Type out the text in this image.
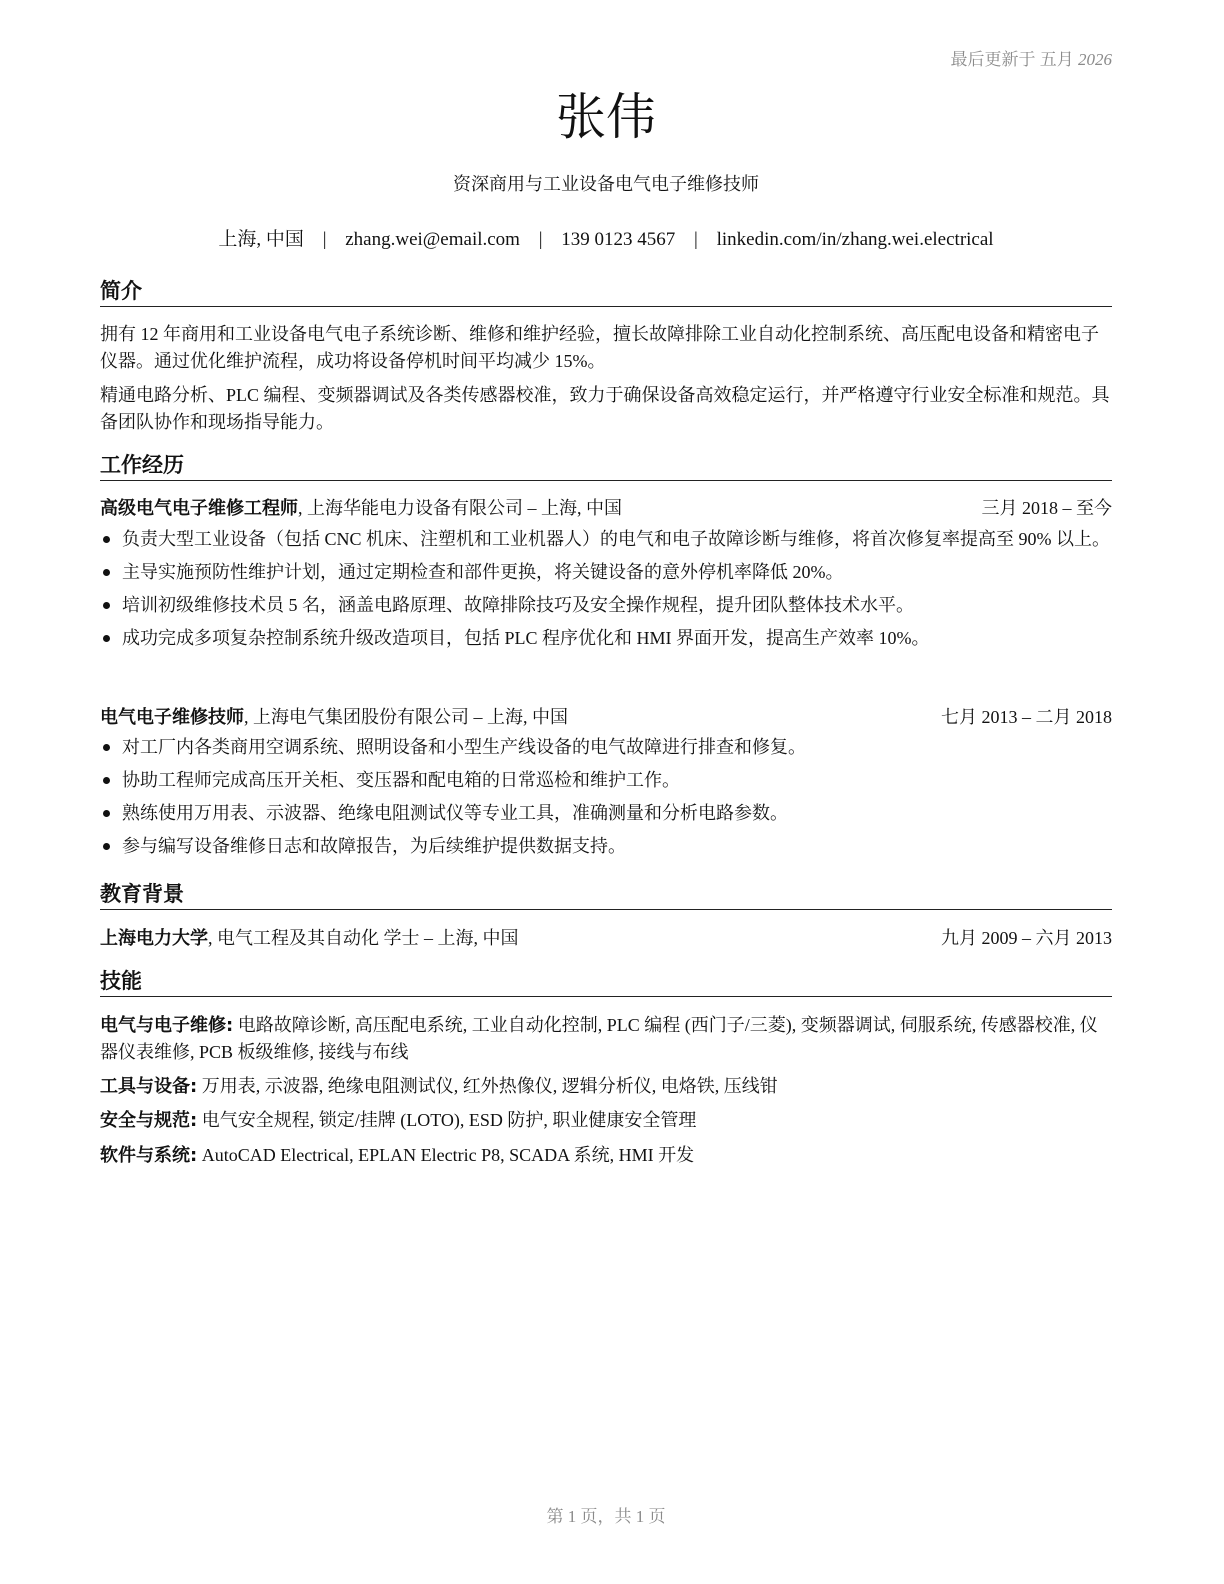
最后更新于 五月 2026
张伟
资深商用与工业设备电气电子维修技师
上海, 中国 | zhang.wei@email.com | 139 0123 4567 | linkedin.com/in/zhang.wei.electrical
简介
拥有 12 年商用和工业设备电气电子系统诊断、维修和维护经验，擅长故障排除工业自动化控制系统、高压配电设备和精密电子仪器。通过优化维护流程，成功将设备停机时间平均减少 15%。
精通电路分析、PLC 编程、变频器调试及各类传感器校准，致力于确保设备高效稳定运行，并严格遵守行业安全标准和规范。具备团队协作和现场指导能力。
工作经历
高级电气电子维修工程师, 上海华能电力设备有限公司 – 上海, 中国	三月 2018 – 至今
负责大型工业设备（包括 CNC 机床、注塑机和工业机器人）的电气和电子故障诊断与维修，将首次修复率提高至 90% 以上。
主导实施预防性维护计划，通过定期检查和部件更换，将关键设备的意外停机率降低 20%。
培训初级维修技术员 5 名，涵盖电路原理、故障排除技巧及安全操作规程，提升团队整体技术水平。
成功完成多项复杂控制系统升级改造项目，包括 PLC 程序优化和 HMI 界面开发，提高生产效率 10%。
电气电子维修技师, 上海电气集团股份有限公司 – 上海, 中国	七月 2013 – 二月 2018
对工厂内各类商用空调系统、照明设备和小型生产线设备的电气故障进行排查和修复。
协助工程师完成高压开关柜、变压器和配电箱的日常巡检和维护工作。
熟练使用万用表、示波器、绝缘电阻测试仪等专业工具，准确测量和分析电路参数。
参与编写设备维修日志和故障报告，为后续维护提供数据支持。
教育背景
上海电力大学, 电气工程及其自动化 学士 – 上海, 中国	九月 2009 – 六月 2013
技能
电气与电子维修: 电路故障诊断, 高压配电系统, 工业自动化控制, PLC 编程 (西门子/三菱), 变频器调试, 伺服系统, 传感器校准, 仪器仪表维修, PCB 板级维修, 接线与布线
工具与设备: 万用表, 示波器, 绝缘电阻测试仪, 红外热像仪, 逻辑分析仪, 电烙铁, 压线钳
安全与规范: 电气安全规程, 锁定/挂牌 (LOTO), ESD 防护, 职业健康安全管理
软件与系统: AutoCAD Electrical, EPLAN Electric P8, SCADA 系统, HMI 开发
第 1 页，共 1 页
